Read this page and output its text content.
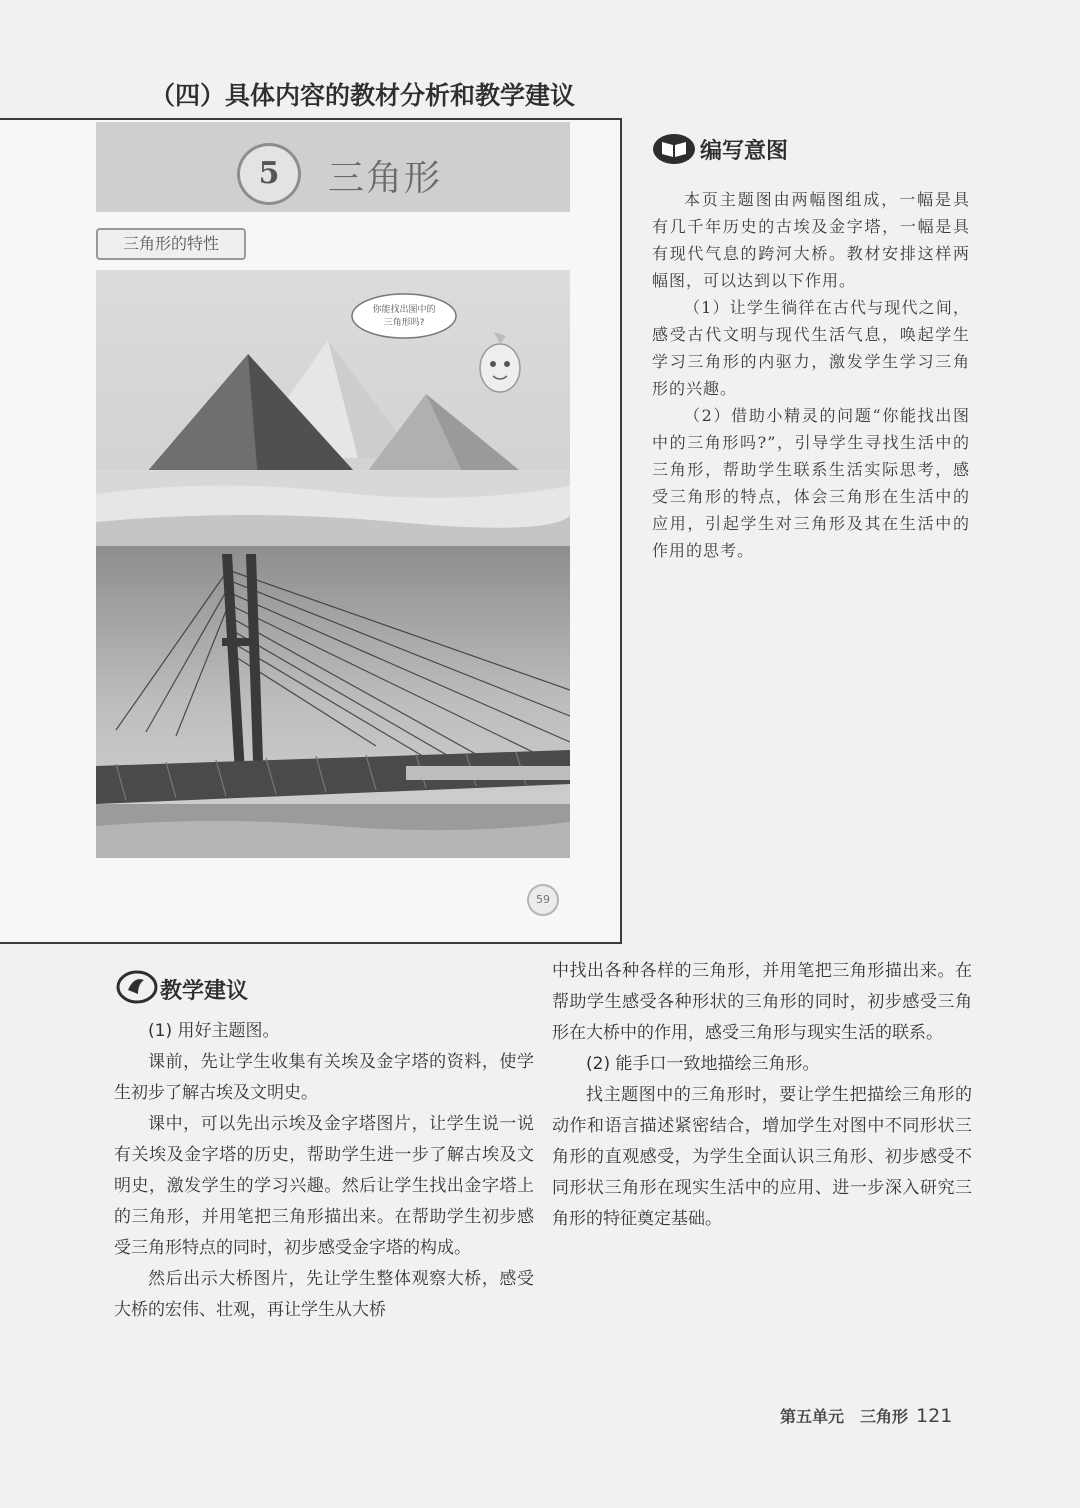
（四）具体内容的教材分析和教学建议
5	三角形
三角形的特性
你能找出图中的
三角形吗?
59
编写意图

本页主题图由两幅图组成，一幅是具有几千年历史的古埃及金字塔，一幅是具有现代气息的跨河大桥。教材安排这样两幅图，可以达到以下作用。

（1）让学生徜徉在古代与现代之间，感受古代文明与现代生活气息，唤起学生学习三角形的内驱力，激发学生学习三角形的兴趣。

（2）借助小精灵的问题“你能找出图中的三角形吗?”，引导学生寻找生活中的三角形，帮助学生联系生活实际思考，感受三角形的特点，体会三角形在生活中的应用，引起学生对三角形及其在生活中的作用的思考。

教学建议

(1) 用好主题图。

课前，先让学生收集有关埃及金字塔的资料，使学生初步了解古埃及文明史。

课中，可以先出示埃及金字塔图片，让学生说一说有关埃及金字塔的历史，帮助学生进一步了解古埃及文明史，激发学生的学习兴趣。然后让学生找出金字塔上的三角形，并用笔把三角形描出来。在帮助学生初步感受三角形特点的同时，初步感受金字塔的构成。

然后出示大桥图片，先让学生整体观察大桥，感受大桥的宏伟、壮观，再让学生从大桥

中找出各种各样的三角形，并用笔把三角形描出来。在帮助学生感受各种形状的三角形的同时，初步感受三角形在大桥中的作用，感受三角形与现实生活的联系。

(2) 能手口一致地描绘三角形。

找主题图中的三角形时，要让学生把描绘三角形的动作和语言描述紧密结合，增加学生对图中不同形状三角形的直观感受，为学生全面认识三角形、初步感受不同形状三角形在现实生活中的应用、进一步深入研究三角形的特征奠定基础。

第五单元　三角形 121
